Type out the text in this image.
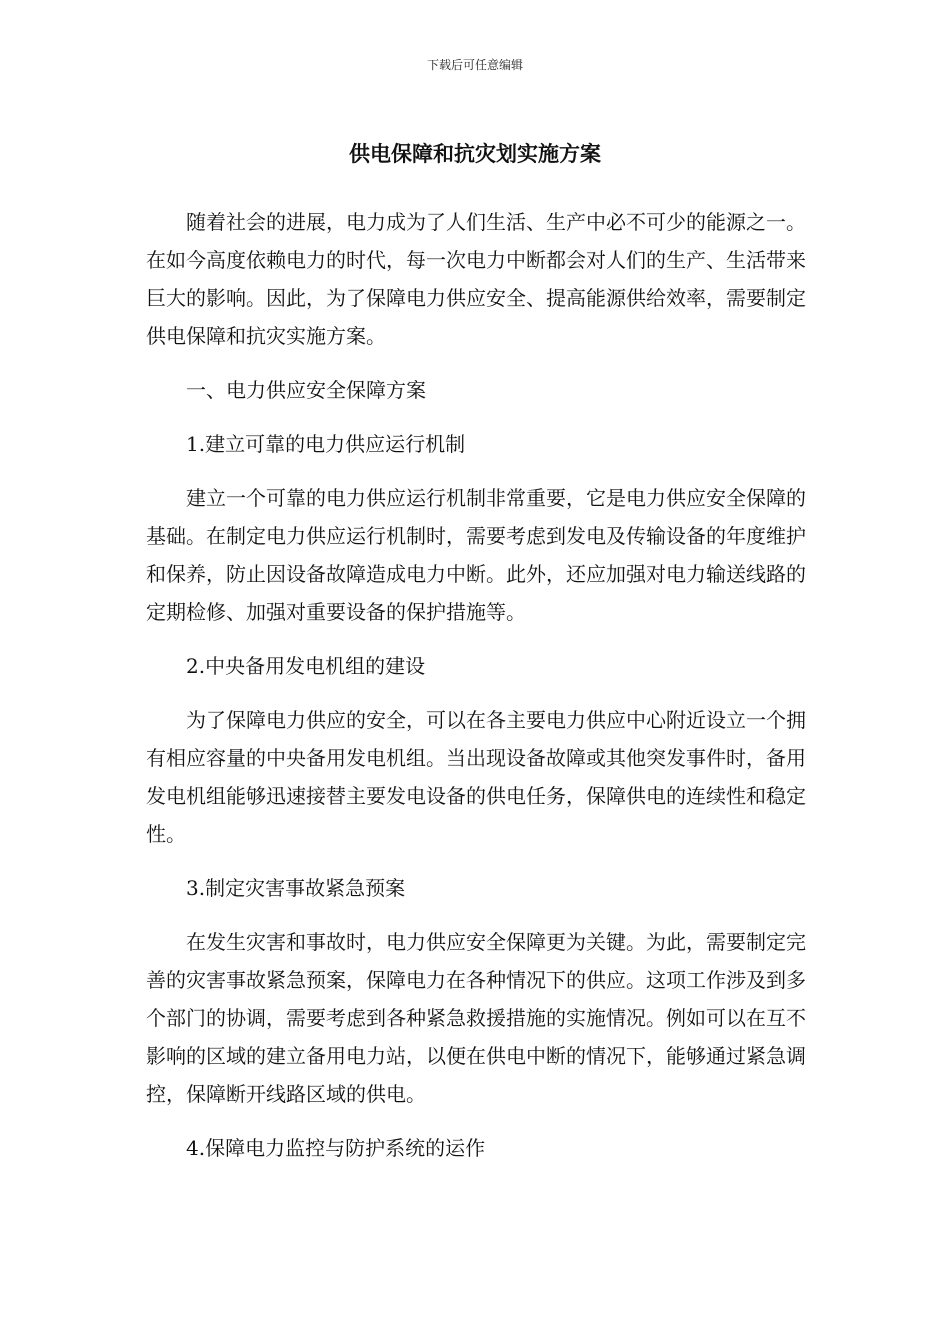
下载后可任意编辑
供电保障和抗灾划实施方案

随着社会的进展，电力成为了人们生活、生产中必不可少的能源之一。在如今高度依赖电力的时代，每一次电力中断都会对人们的生产、生活带来巨大的影响。因此，为了保障电力供应安全、提高能源供给效率，需要制定供电保障和抗灾实施方案。

一、电力供应安全保障方案

1.建立可靠的电力供应运行机制

建立一个可靠的电力供应运行机制非常重要，它是电力供应安全保障的基础。在制定电力供应运行机制时，需要考虑到发电及传输设备的年度维护和保养，防止因设备故障造成电力中断。此外，还应加强对电力输送线路的定期检修、加强对重要设备的保护措施等。

2.中央备用发电机组的建设

为了保障电力供应的安全，可以在各主要电力供应中心附近设立一个拥有相应容量的中央备用发电机组。当出现设备故障或其他突发事件时，备用发电机组能够迅速接替主要发电设备的供电任务，保障供电的连续性和稳定性。

3.制定灾害事故紧急预案

在发生灾害和事故时，电力供应安全保障更为关键。为此，需要制定完善的灾害事故紧急预案，保障电力在各种情况下的供应。这项工作涉及到多个部门的协调，需要考虑到各种紧急救援措施的实施情况。例如可以在互不影响的区域的建立备用电力站，以便在供电中断的情况下，能够通过紧急调控，保障断开线路区域的供电。

4.保障电力监控与防护系统的运作
